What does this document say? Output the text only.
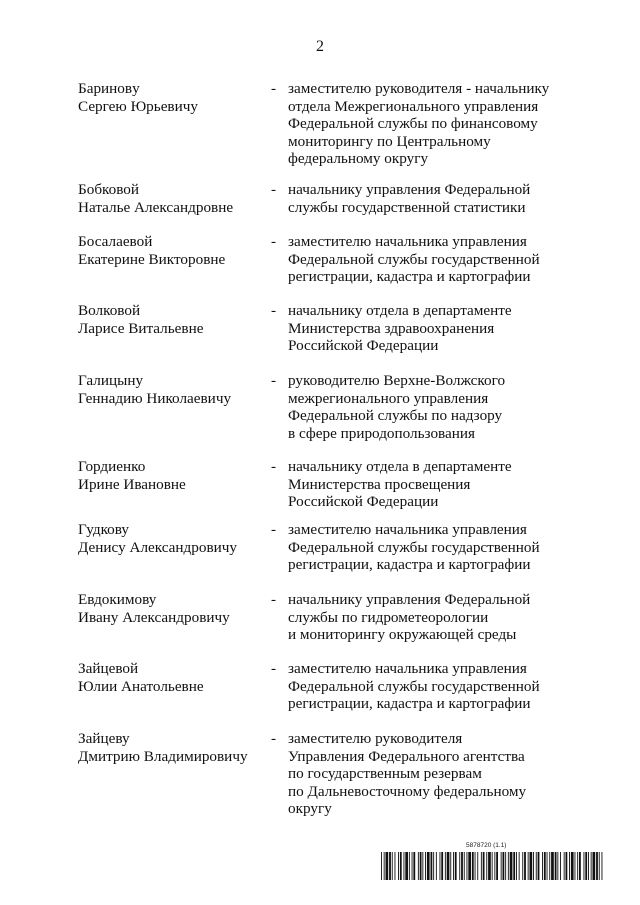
2
Бариновy
Сергею Юрьевичу
- заместителю руководителя - начальнику
отдела Межрегионального управления
Федеральной службы по финансовому
мониторингу по Центральному
федеральному округу
Бобковой
Наталье Александровне
- начальнику управления Федеральной
службы государственной статистики
Босалаевой
Екатерине Викторовне
- заместителю начальника управления
Федеральной службы государственной
регистрации, кадастра и картографии
Волковой
Ларисе Витальевне
- начальнику отдела в департаменте
Министерства здравоохранения
Российской Федерации
Галицыну
Геннадию Николаевичу
- руководителю Верхне-Волжского
межрегионального управления
Федеральной службы по надзору
в сфере природопользования
Гордиенко
Ирине Ивановне
- начальнику отдела в департаменте
Министерства просвещения
Российской Федерации
Гудкову
Денису Александровичу
- заместителю начальника управления
Федеральной службы государственной
регистрации, кадастра и картографии
Евдокимову
Ивану Александровичу
- начальнику управления Федеральной
службы по гидрометеорологии
и мониторингу окружающей среды
Зайцевой
Юлии Анатольевне
- заместителю начальника управления
Федеральной службы государственной
регистрации, кадастра и картографии
Зайцеву
Дмитрию Владимировичу
- заместителю руководителя
Управления Федерального агентства
по государственным резервам
по Дальневосточному федеральному
округу
5878720 (1.1)
